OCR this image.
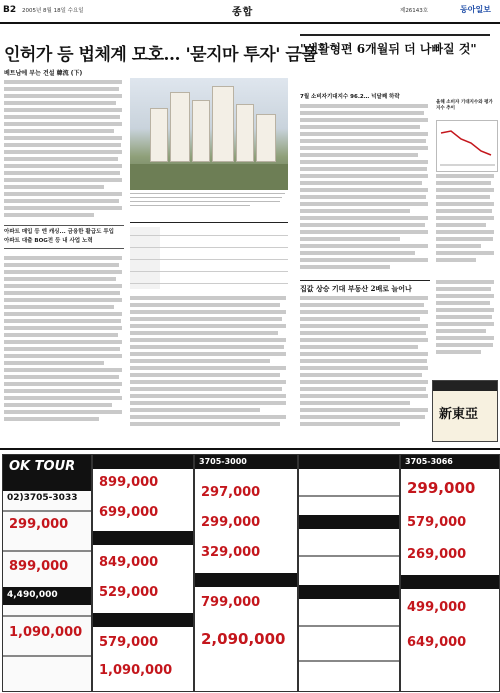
B2 2005년 8월 18일 수요일	종합	제26143호	동아일보
인허가 등 법체계 모호… '묻지마 투자' 금물
베트남에 부는 건설 韓流 (下)
아파트 매입 등 엔 캐싱... 금융한 활급도 투입
아파트 대출 BOG전 등 내 사업 노력
"생활형편 6개월뒤 더 나빠질 것"
7월 소비자기대지수 96.2… 넉달째 하락
올해 소비자 기대지수와 평가지수 추이
집값 상승 기대 부동산 2배로 늘어나
新東亞
OK TOUR
02)3705-3033
299,000
899,000
4,490,000
1,090,000
899,000
699,000
849,000
529,000
579,000
1,090,000
3705-3000
297,000
299,000
329,000
799,000
2,090,000
3705-3066
299,000
579,000
269,000
499,000
649,000
